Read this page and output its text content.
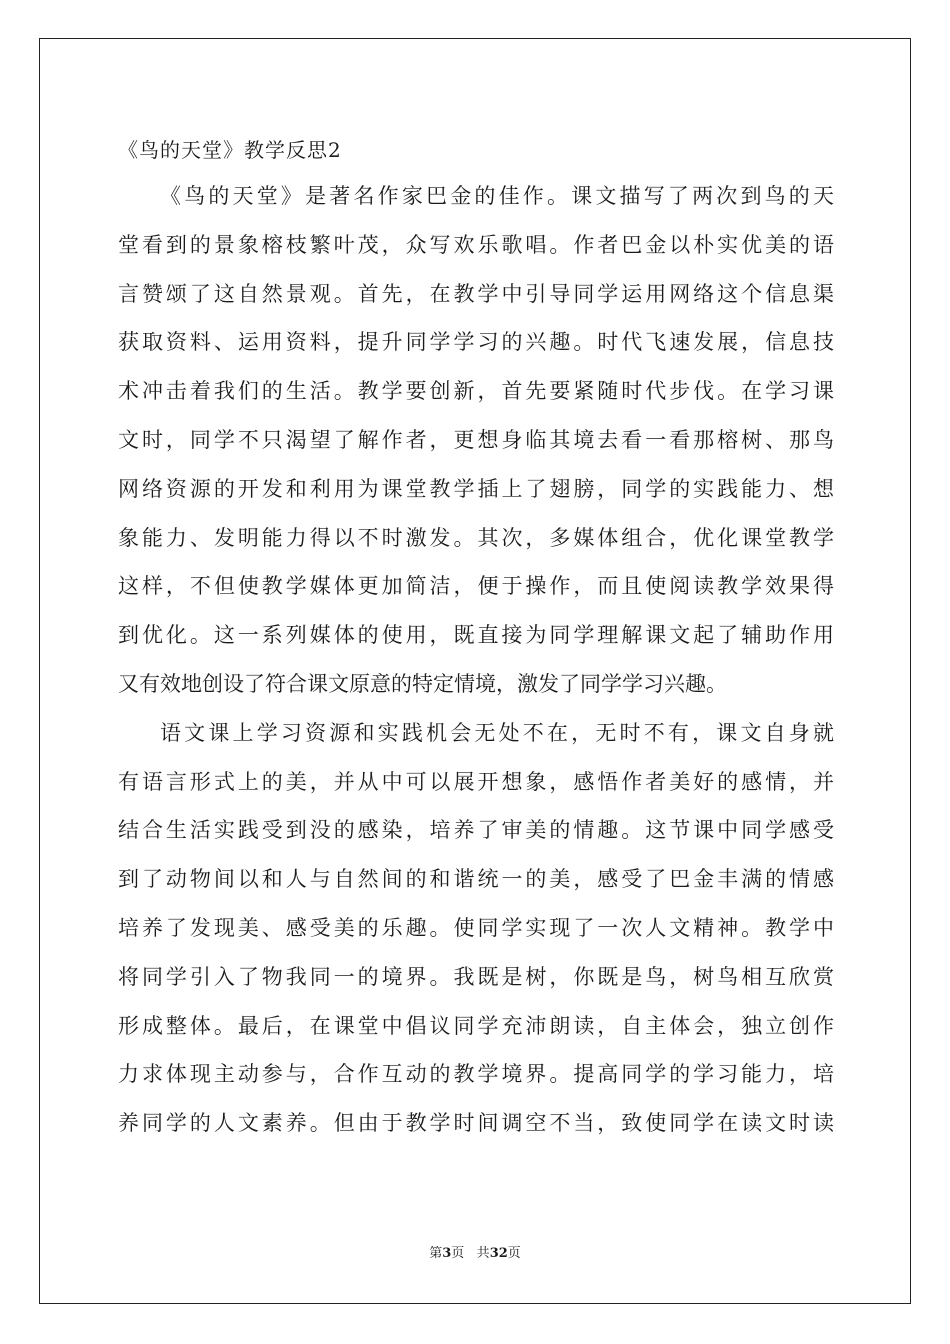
《鸟的天堂》教学反思2
《鸟的天堂》是著名作家巴金的佳作。课文描写了两次到鸟的天
堂看到的景象榕枝繁叶茂，众写欢乐歌唱。作者巴金以朴实优美的语
言赞颂了这自然景观。首先，在教学中引导同学运用网络这个信息渠
获取资料、运用资料，提升同学学习的兴趣。时代飞速发展，信息技
术冲击着我们的生活。教学要创新，首先要紧随时代步伐。在学习课
文时，同学不只渴望了解作者，更想身临其境去看一看那榕树、那鸟
网络资源的开发和利用为课堂教学插上了翅膀，同学的实践能力、想
象能力、发明能力得以不时激发。其次，多媒体组合，优化课堂教学
这样，不但使教学媒体更加简洁，便于操作，而且使阅读教学效果得
到优化。这一系列媒体的使用，既直接为同学理解课文起了辅助作用
又有效地创设了符合课文原意的特定情境，激发了同学学习兴趣。
语文课上学习资源和实践机会无处不在，无时不有，课文自身就
有语言形式上的美，并从中可以展开想象，感悟作者美好的感情，并
结合生活实践受到没的感染，培养了审美的情趣。这节课中同学感受
到了动物间以和人与自然间的和谐统一的美，感受了巴金丰满的情感
培养了发现美、感受美的乐趣。使同学实现了一次人文精神。教学中
将同学引入了物我同一的境界。我既是树，你既是鸟，树鸟相互欣赏
形成整体。最后，在课堂中倡议同学充沛朗读，自主体会，独立创作
力求体现主动参与，合作互动的教学境界。提高同学的学习能力，培
养同学的人文素养。但由于教学时间调空不当，致使同学在读文时读
第3页 共32页
